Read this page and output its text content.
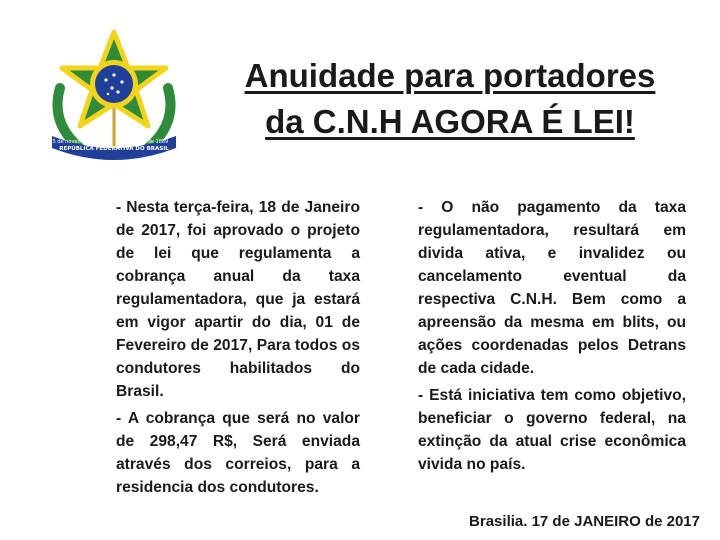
REPÚBLICA FEDERATIVA DO BRASIL
15 de novembro	de 1889
Anuidade para portadores
da C.N.H AGORA É LEI!

- Nesta terça-feira, 18 de Janeiro de 2017, foi aprovado o projeto de lei que regulamenta a cobrança anual da taxa regulamentadora, que ja estará em vigor apartir do dia, 01 de Fevereiro de 2017, Para todos os condutores habilitados do Brasil.

- A cobrança que será no valor de 298,47 R$, Será enviada através dos correios, para a residencia dos condutores.

- O não pagamento da taxa regulamentadora, resultará em divida ativa, e invalidez ou cancelamento eventual da respectiva C.N.H. Bem como a apreensão da mesma em blits, ou ações coordenadas pelos Detrans de cada cidade.

- Está iniciativa tem como objetivo, beneficiar o governo federal, na extinção da atual crise econômica vivida no país.

Brasilia. 17 de JANEIRO de 2017
